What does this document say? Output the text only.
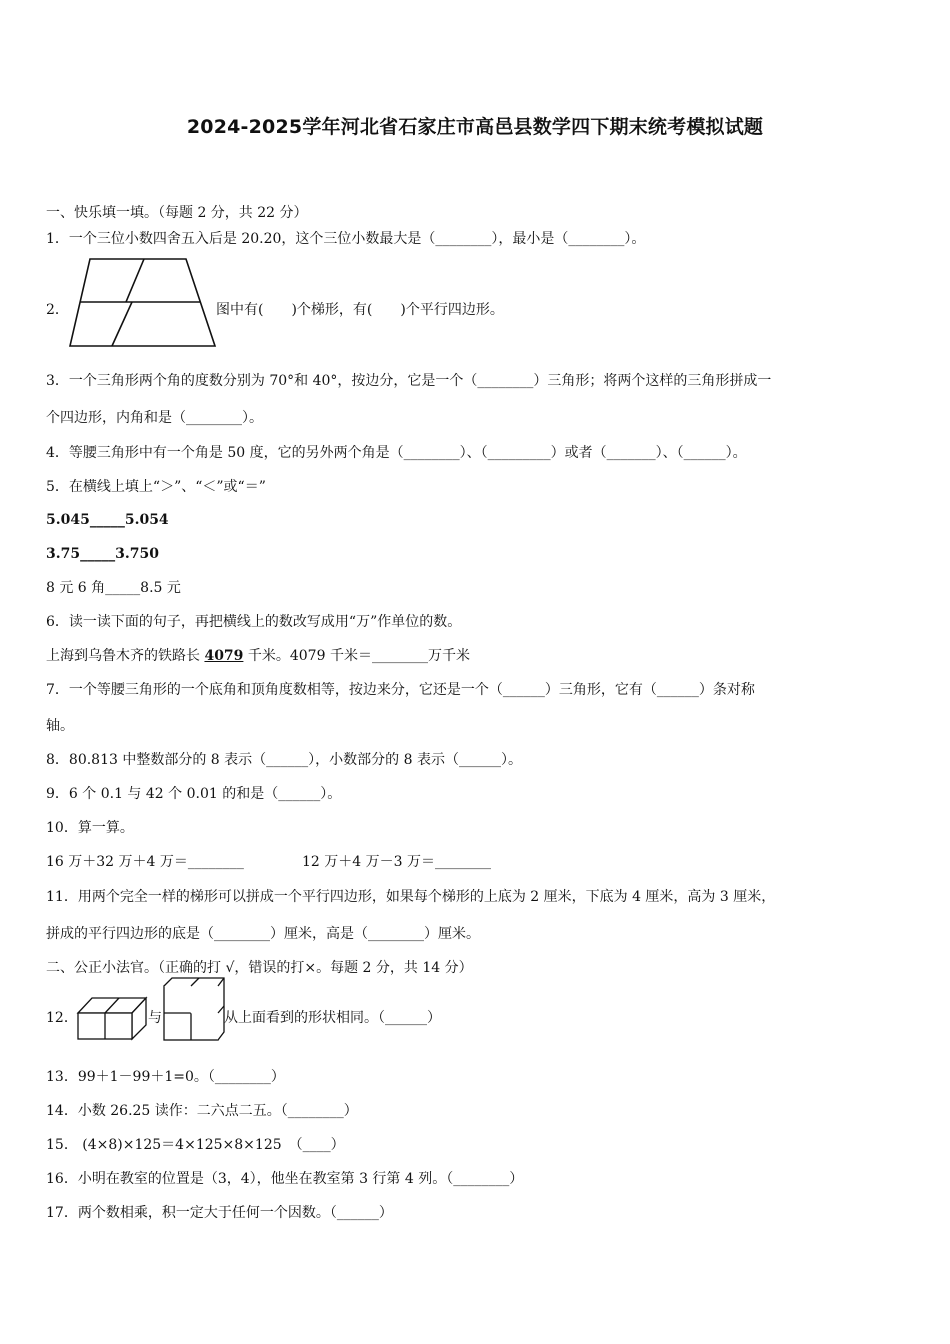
2024-2025学年河北省石家庄市高邑县数学四下期末统考模拟试题
一、快乐填一填。（每题 2 分，共 22 分）
1．一个三位小数四舍五入后是 20.20，这个三位小数最大是（________），最小是（________）。
2．	图中有(　　)个梯形，有(　　)个平行四边形。
3．一个三角形两个角的度数分别为 70°和 40°，按边分，它是一个（________）三角形；将两个这样的三角形拼成一
个四边形，内角和是（________）。
4．等腰三角形中有一个角是 50 度，它的另外两个角是（________）、（_________）或者（_______）、（______）。
5．在横线上填上“＞”、“＜”或“＝”
5.045_____5.054
3.75_____3.750
8 元 6 角_____8.5 元
6．读一读下面的句子，再把横线上的数改写成用“万”作单位的数。
上海到乌鲁木齐的铁路长 4079 千米。4079 千米＝________万千米
7．一个等腰三角形的一个底角和顶角度数相等，按边来分，它还是一个（______）三角形，它有（______）条对称
轴。
8．80.813 中整数部分的 8 表示（______），小数部分的 8 表示（______）。
9．6 个 0.1 与 42 个 0.01 的和是（______）。
10．算一算。
16 万＋32 万＋4 万＝________	12 万＋4 万－3 万＝________
11．用两个完全一样的梯形可以拼成一个平行四边形，如果每个梯形的上底为 2 厘米，下底为 4 厘米，高为 3 厘米，
拼成的平行四边形的底是（________）厘米，高是（________）厘米。
二、公正小法官。（正确的打 √，错误的打×。每题 2 分，共 14 分）
12．	与	从上面看到的形状相同。（______）
13．99＋1－99＋1=0。（________）
14．小数 26.25 读作：二六点二五。（________）
15． (4×8)×125＝4×125×8×125　（____）
16．小明在教室的位置是（3，4），他坐在教室第 3 行第 4 列。（________）
17．两个数相乘，积一定大于任何一个因数。（______）
